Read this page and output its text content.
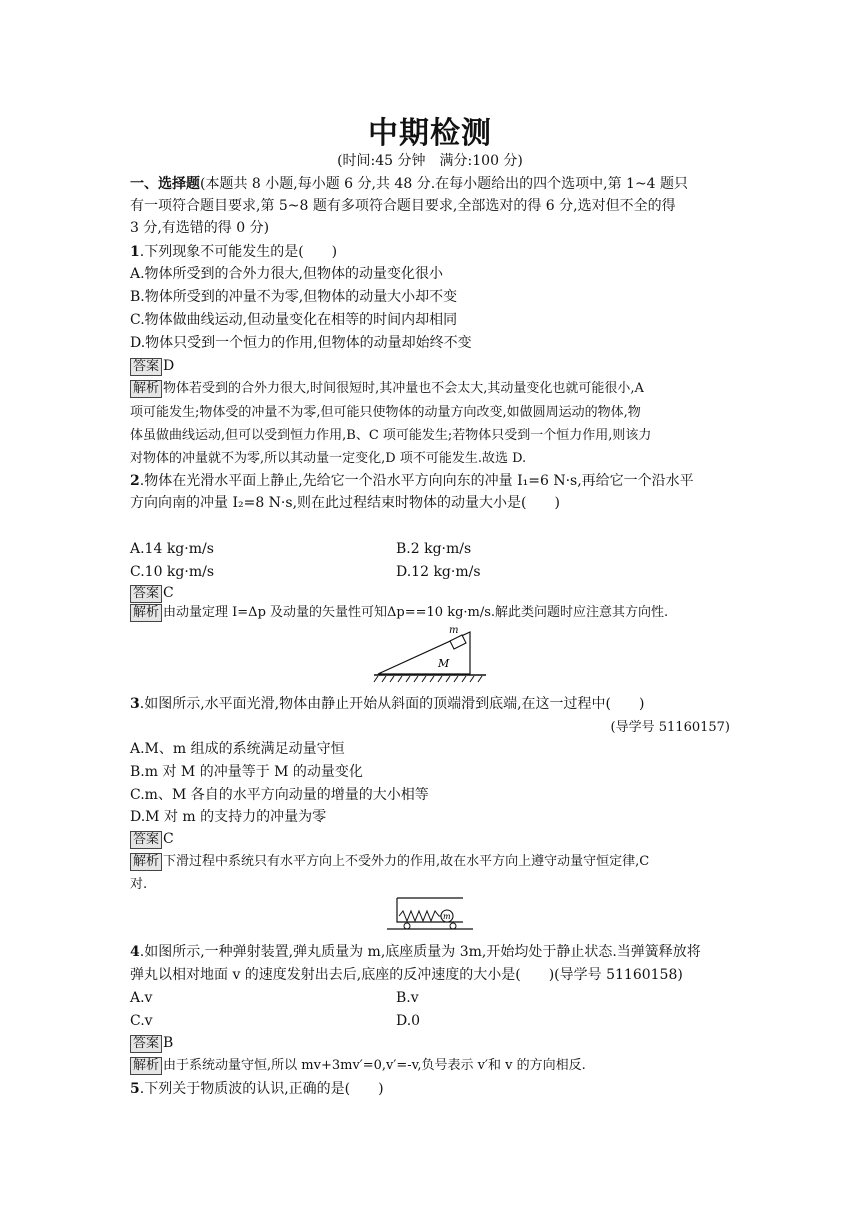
中期检测
(时间:45 分钟　满分:100 分)
一、选择题(本题共 8 小题,每小题 6 分,共 48 分.在每小题给出的四个选项中,第 1~4 题只
有一项符合题目要求,第 5~8 题有多项符合题目要求,全部选对的得 6 分,选对但不全的得
3 分,有选错的得 0 分)
1.下列现象不可能发生的是(　　)
A.物体所受到的合外力很大,但物体的动量变化很小
B.物体所受到的冲量不为零,但物体的动量大小却不变
C.物体做曲线运动,但动量变化在相等的时间内却相同
D.物体只受到一个恒力的作用,但物体的动量却始终不变
答案 D
解析 物体若受到的合外力很大,时间很短时,其冲量也不会太大,其动量变化也就可能很小,A
项可能发生;物体受的冲量不为零,但可能只使物体的动量方向改变,如做圆周运动的物体,物
体虽做曲线运动,但可以受到恒力作用,B、C 项可能发生;若物体只受到一个恒力作用,则该力
对物体的冲量就不为零,所以其动量一定变化,D 项不可能发生.故选 D.
2.物体在光滑水平面上静止,先给它一个沿水平方向向东的冲量 I₁=6 N·s,再给它一个沿水平
方向向南的冲量 I₂=8 N·s,则在此过程结束时物体的动量大小是(　　)
A.14 kg·m/s	B.2 kg·m/s
C.10 kg·m/s	D.12 kg·m/s
答案 C
解析 由动量定理 I=Δp 及动量的矢量性可知Δp==10 kg·m/s.解此类问题时应注意其方向性.
m
M
3.如图所示,水平面光滑,物体由静止开始从斜面的顶端滑到底端,在这一过程中(　　)
(导学号 51160157)
A.M、m 组成的系统满足动量守恒
B.m 对 M 的冲量等于 M 的动量变化
C.m、M 各自的水平方向动量的增量的大小相等
D.M 对 m 的支持力的冲量为零
答案 C
解析 下滑过程中系统只有水平方向上不受外力的作用,故在水平方向上遵守动量守恒定律,C
对.
m
4.如图所示,一种弹射装置,弹丸质量为 m,底座质量为 3m,开始均处于静止状态.当弹簧释放将
弹丸以相对地面 v 的速度发射出去后,底座的反冲速度的大小是(　　)(导学号 51160158)
A.v	B.v
C.v	D.0
答案 B
解析 由于系统动量守恒,所以 mv+3mv′=0,v′=-v,负号表示 v′和 v 的方向相反.
5.下列关于物质波的认识,正确的是(　　)
